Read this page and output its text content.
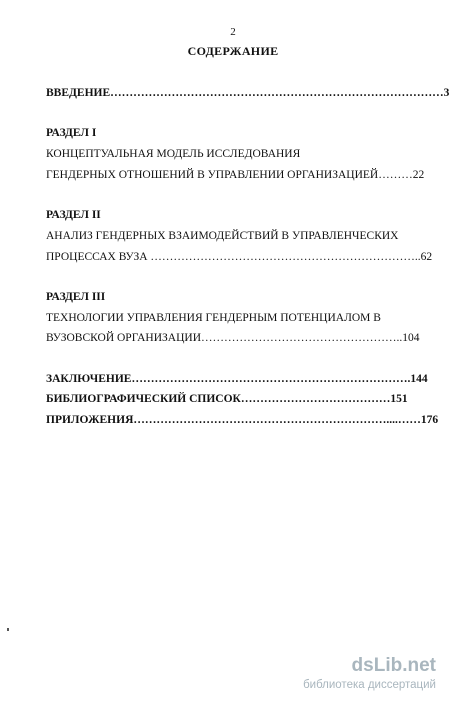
2
СОДЕРЖАНИЕ
ВВЕДЕНИЕ……………………………………………………………………………3
РАЗДЕЛ I
КОНЦЕПТУАЛЬНАЯ МОДЕЛЬ ИССЛЕДОВАНИЯ
ГЕНДЕРНЫХ ОТНОШЕНИЙ В УПРАВЛЕНИИ ОРГАНИЗАЦИЕЙ………22
РАЗДЕЛ II
АНАЛИЗ ГЕНДЕРНЫХ ВЗАИМОДЕЙСТВИЙ В УПРАВЛЕНЧЕСКИХ
ПРОЦЕССАХ ВУЗА ……………………………………………………………..62
РАЗДЕЛ III
ТЕХНОЛОГИИ УПРАВЛЕНИЯ ГЕНДЕРНЫМ ПОТЕНЦИАЛОМ В
ВУЗОВСКОЙ ОРГАНИЗАЦИИ……………………………………………..104
ЗАКЛЮЧЕНИЕ……………………………………………………………….144
БИБЛИОГРАФИЧЕСКИЙ СПИСОК…………………………………151
ПРИЛОЖЕНИЯ…………………………………………………………....……176
dsLib.net
библиотека диссертаций
